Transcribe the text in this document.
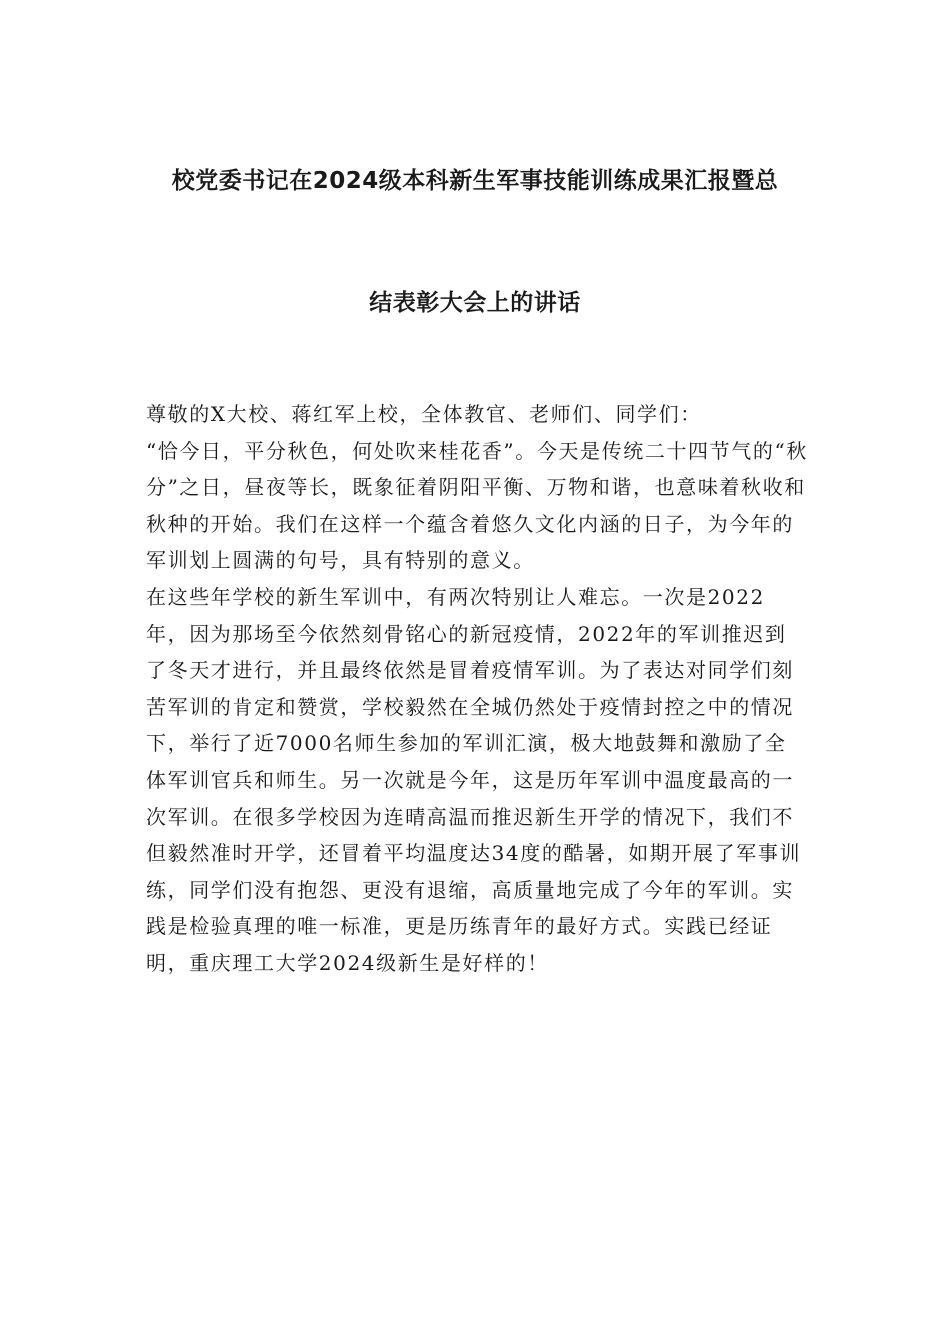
校党委书记在2024级本科新生军事技能训练成果汇报暨总
结表彰大会上的讲话

尊敬的X大校、蒋红军上校，全体教官、老师们、同学们：

“恰今日，平分秋色，何处吹来桂花香”。今天是传统二十四节气的“秋分”之日，昼夜等长，既象征着阴阳平衡、万物和谐，也意味着秋收和秋种的开始。我们在这样一个蕴含着悠久文化内涵的日子，为今年的军训划上圆满的句号，具有特别的意义。

在这些年学校的新生军训中，有两次特别让人难忘。一次是2022年，因为那场至今依然刻骨铭心的新冠疫情，2022年的军训推迟到了冬天才进行，并且最终依然是冒着疫情军训。为了表达对同学们刻苦军训的肯定和赞赏，学校毅然在全城仍然处于疫情封控之中的情况下，举行了近7000名师生参加的军训汇演，极大地鼓舞和激励了全体军训官兵和师生。另一次就是今年，这是历年军训中温度最高的一次军训。在很多学校因为连晴高温而推迟新生开学的情况下，我们不但毅然准时开学，还冒着平均温度达34度的酷暑，如期开展了军事训练，同学们没有抱怨、更没有退缩，高质量地完成了今年的军训。实践是检验真理的唯一标准，更是历练青年的最好方式。实践已经证明，重庆理工大学2024级新生是好样的！
